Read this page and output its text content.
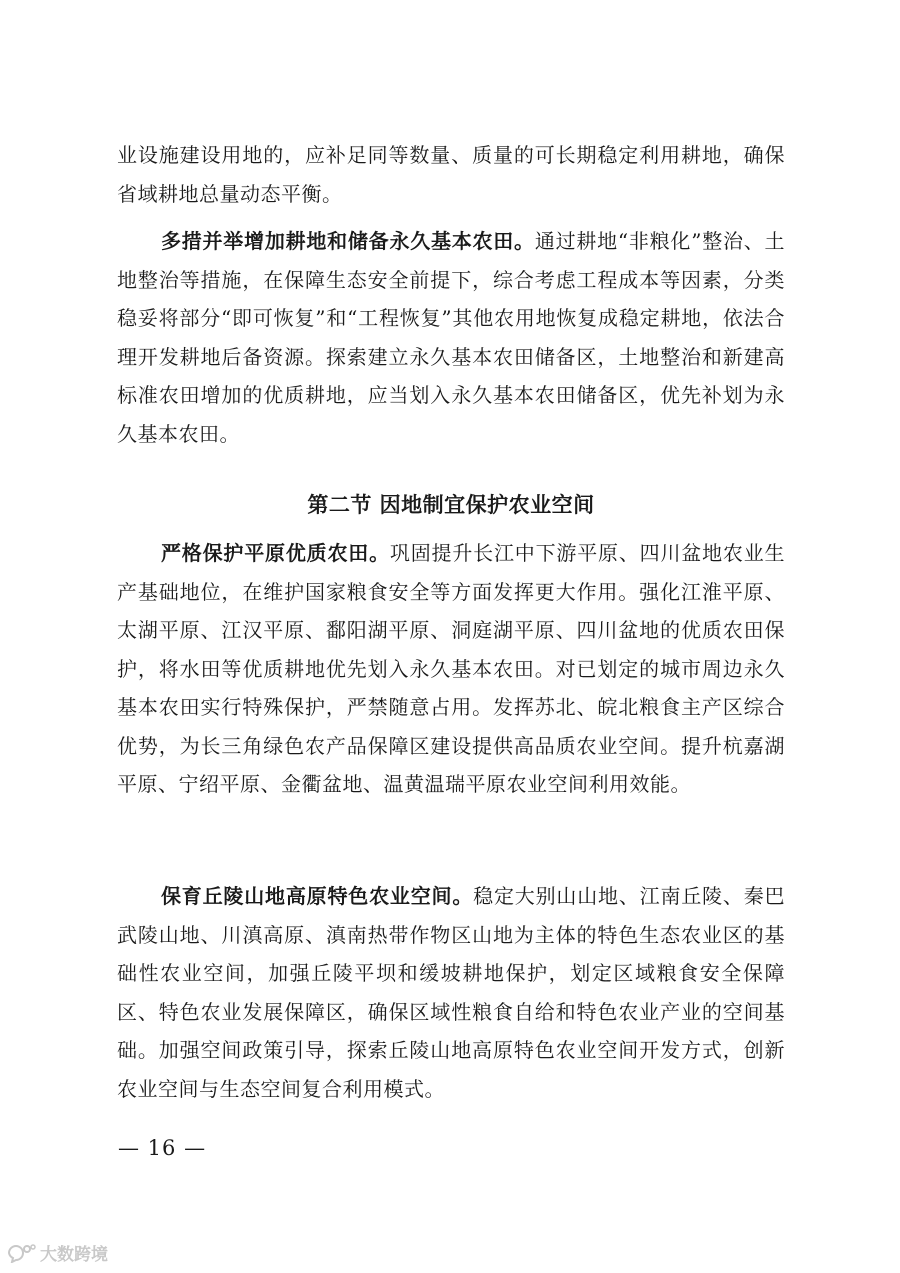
业设施建设用地的，应补足同等数量、质量的可长期稳定利用耕地，确保省域耕地总量动态平衡。

多措并举增加耕地和储备永久基本农田。通过耕地“非粮化”整治、土地整治等措施，在保障生态安全前提下，综合考虑工程成本等因素，分类稳妥将部分“即可恢复”和“工程恢复”其他农用地恢复成稳定耕地，依法合理开发耕地后备资源。探索建立永久基本农田储备区，土地整治和新建高标准农田增加的优质耕地，应当划入永久基本农田储备区，优先补划为永久基本农田。

第二节 因地制宜保护农业空间

严格保护平原优质农田。巩固提升长江中下游平原、四川盆地农业生产基础地位，在维护国家粮食安全等方面发挥更大作用。强化江淮平原、太湖平原、江汉平原、鄱阳湖平原、洞庭湖平原、四川盆地的优质农田保护，将水田等优质耕地优先划入永久基本农田。对已划定的城市周边永久基本农田实行特殊保护，严禁随意占用。发挥苏北、皖北粮食主产区综合优势，为长三角绿色农产品保障区建设提供高品质农业空间。提升杭嘉湖平原、宁绍平原、金衢盆地、温黄温瑞平原农业空间利用效能。

保育丘陵山地高原特色农业空间。稳定大别山山地、江南丘陵、秦巴武陵山地、川滇高原、滇南热带作物区山地为主体的特色生态农业区的基础性农业空间，加强丘陵平坝和缓坡耕地保护，划定区域粮食安全保障区、特色农业发展保障区，确保区域性粮食自给和特色农业产业的空间基础。加强空间政策引导，探索丘陵山地高原特色农业空间开发方式，创新农业空间与生态空间复合利用模式。

— 16 —
大数跨境
